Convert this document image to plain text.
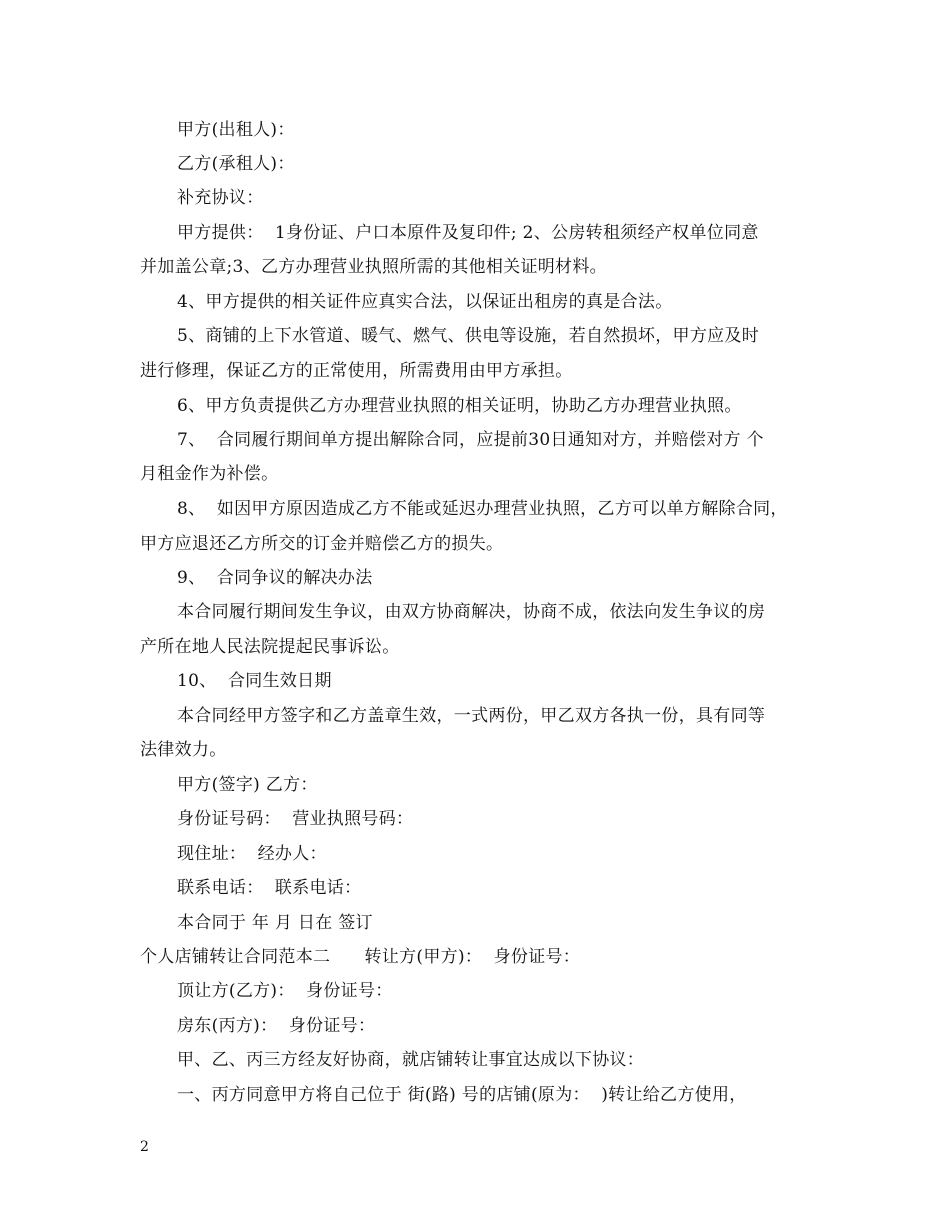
甲方(出租人)：
乙方(承租人)：
补充协议：
甲方提供：  1身份证、户口本原件及复印件; 2、公房转租须经产权单位同意
并加盖公章;3、乙方办理营业执照所需的其他相关证明材料。
4、甲方提供的相关证件应真实合法，以保证出租房的真是合法。
5、商铺的上下水管道、暖气、燃气、供电等设施，若自然损坏，甲方应及时
进行修理，保证乙方的正常使用，所需费用由甲方承担。
6、甲方负责提供乙方办理营业执照的相关证明，协助乙方办理营业执照。
7、  合同履行期间单方提出解除合同，应提前30日通知对方，并赔偿对方 个
月租金作为补偿。
8、  如因甲方原因造成乙方不能或延迟办理营业执照，乙方可以单方解除合同，
甲方应退还乙方所交的订金并赔偿乙方的损失。
9、  合同争议的解决办法
本合同履行期间发生争议，由双方协商解决，协商不成，依法向发生争议的房
产所在地人民法院提起民事诉讼。
10、  合同生效日期
本合同经甲方签字和乙方盖章生效，一式两份，甲乙双方各执一份，具有同等
法律效力。
甲方(签字) 乙方：
身份证号码：  营业执照号码：
现住址：  经办人：
联系电话：  联系电话：
本合同于 年 月 日在 签订
个人店铺转让合同范本二      转让方(甲方)：  身份证号：
顶让方(乙方)：  身份证号：
房东(丙方)：  身份证号：
甲、乙、丙三方经友好协商，就店铺转让事宜达成以下协议：
一、丙方同意甲方将自己位于 街(路) 号的店铺(原为：  )转让给乙方使用，
2
